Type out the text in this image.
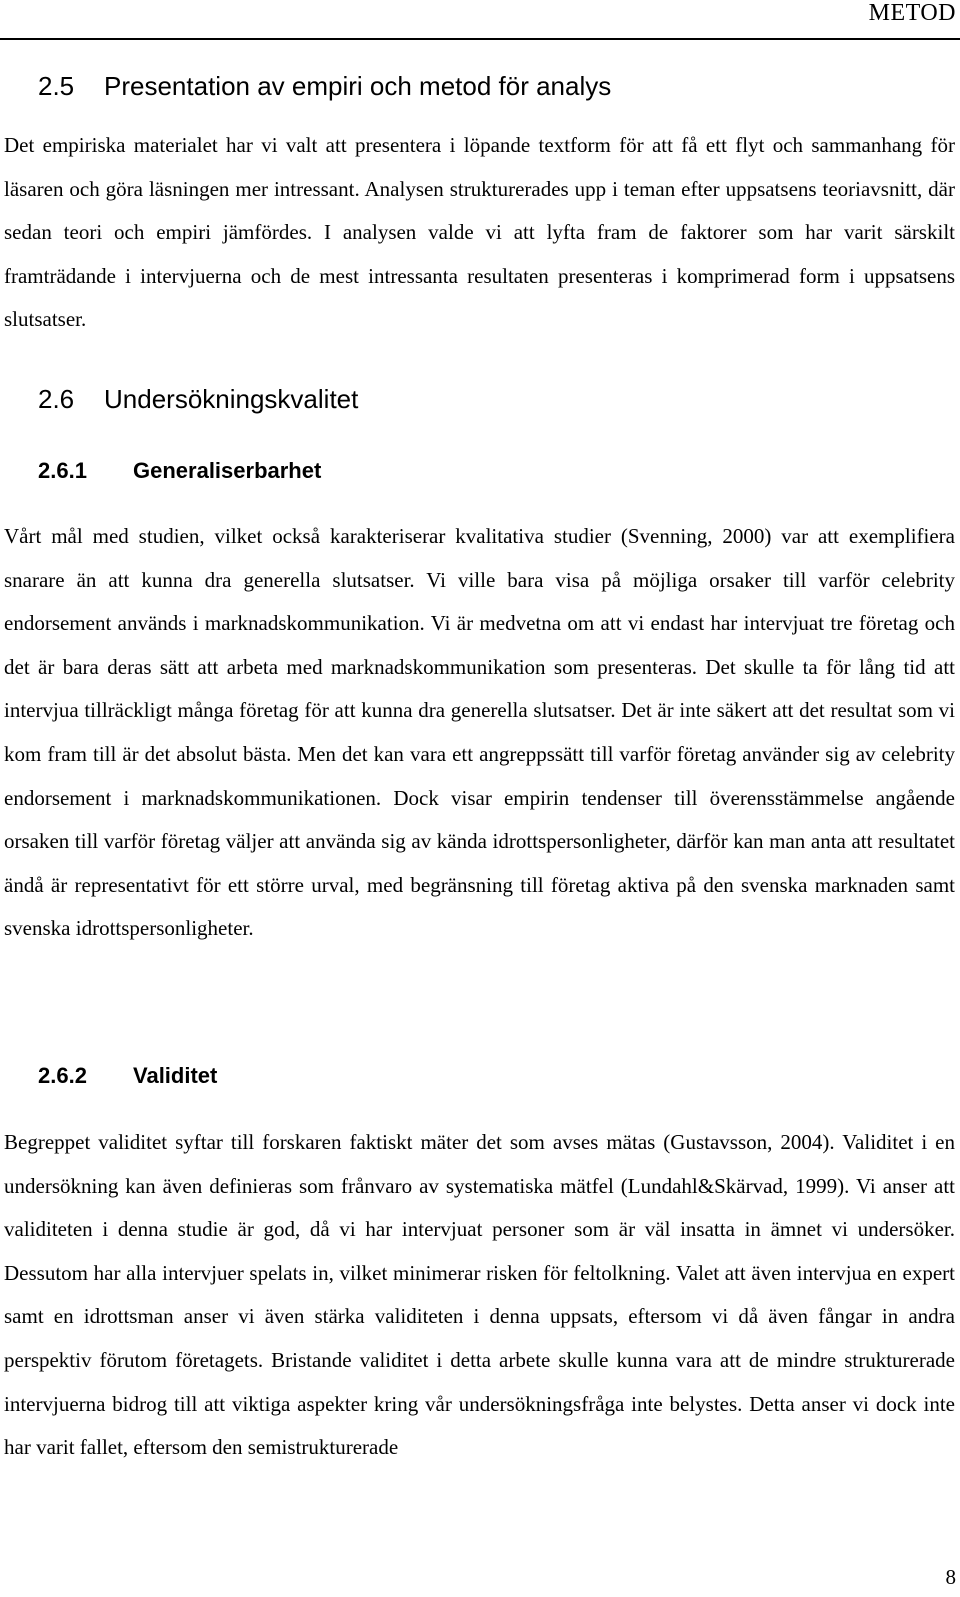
METOD
2.5 Presentation av empiri och metod för analys

Det empiriska materialet har vi valt att presentera i löpande textform för att få ett flyt och sammanhang för läsaren och göra läsningen mer intressant. Analysen strukturerades upp i teman efter uppsatsens teoriavsnitt, där sedan teori och empiri jämfördes. I analysen valde vi att lyfta fram de faktorer som har varit särskilt framträdande i intervjuerna och de mest intressanta resultaten presenteras i komprimerad form i uppsatsens slutsatser.

2.6 Undersökningskvalitet
2.6.1 Generaliserbarhet

Vårt mål med studien, vilket också karakteriserar kvalitativa studier (Svenning, 2000) var att exemplifiera snarare än att kunna dra generella slutsatser. Vi ville bara visa på möjliga orsaker till varför celebrity endorsement används i marknadskommunikation. Vi är medvetna om att vi endast har intervjuat tre företag och det är bara deras sätt att arbeta med marknadskommunikation som presenteras. Det skulle ta för lång tid att intervjua tillräckligt många företag för att kunna dra generella slutsatser. Det är inte säkert att det resultat som vi kom fram till är det absolut bästa. Men det kan vara ett angreppssätt till varför företag använder sig av celebrity endorsement i marknadskommunikationen. Dock visar empirin tendenser till överensstämmelse angående orsaken till varför företag väljer att använda sig av kända idrottspersonligheter, därför kan man anta att resultatet ändå är representativt för ett större urval, med begränsning till företag aktiva på den svenska marknaden samt svenska idrottspersonligheter.

2.6.2 Validitet

Begreppet validitet syftar till forskaren faktiskt mäter det som avses mätas (Gustavsson, 2004). Validitet i en undersökning kan även definieras som frånvaro av systematiska mätfel (Lundahl&Skärvad, 1999). Vi anser att validiteten i denna studie är god, då vi har intervjuat personer som är väl insatta in ämnet vi undersöker. Dessutom har alla intervjuer spelats in, vilket minimerar risken för feltolkning. Valet att även intervjua en expert samt en idrottsman anser vi även stärka validiteten i denna uppsats, eftersom vi då även fångar in andra perspektiv förutom företagets. Bristande validitet i detta arbete skulle kunna vara att de mindre strukturerade intervjuerna bidrog till att viktiga aspekter kring vår undersökningsfråga inte belystes. Detta anser vi dock inte har varit fallet, eftersom den semistrukturerade

8
